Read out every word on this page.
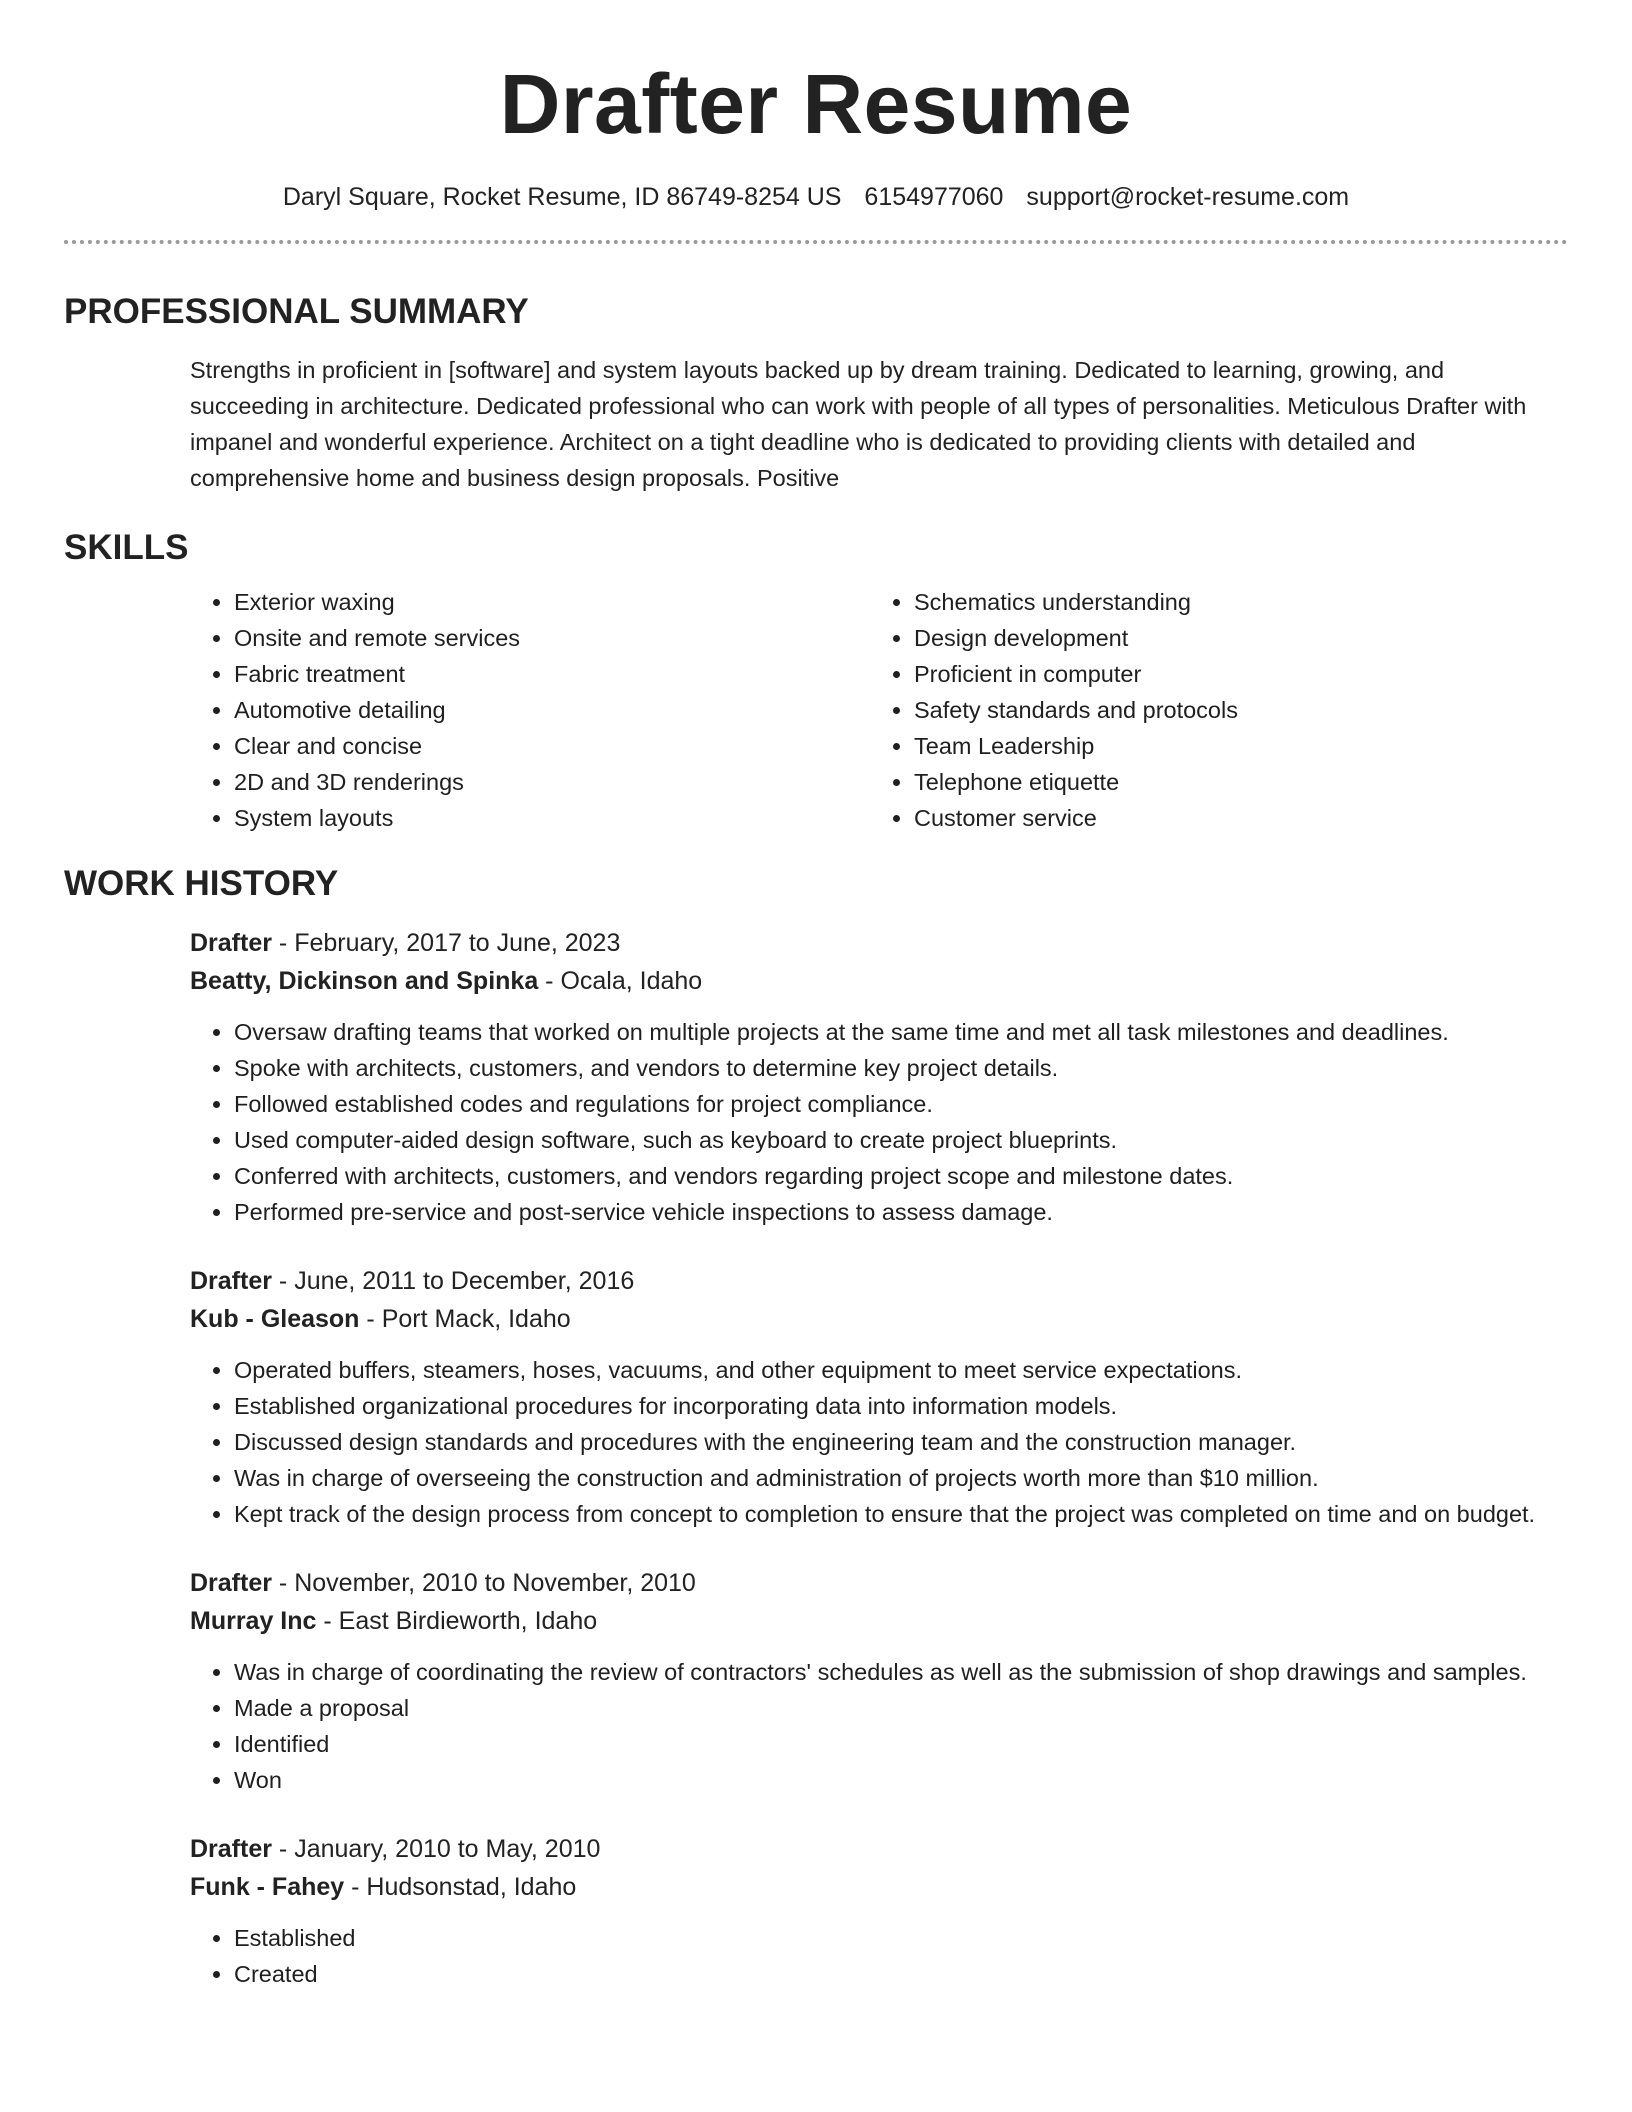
Drafter Resume
Daryl Square, Rocket Resume, ID 86749-8254 US 6154977060 support@rocket-resume.com
PROFESSIONAL SUMMARY

Strengths in proficient in [software] and system layouts backed up by dream training. Dedicated to learning, growing, and succeeding in architecture. Dedicated professional who can work with people of all types of personalities. Meticulous Drafter with impanel and wonderful experience. Architect on a tight deadline who is dedicated to providing clients with detailed and comprehensive home and business design proposals. Positive

SKILLS
• Exterior waxing
• Onsite and remote services
• Fabric treatment
• Automotive detailing
• Clear and concise
• 2D and 3D renderings
• System layouts
• Schematics understanding
• Design development
• Proficient in computer
• Safety standards and protocols
• Team Leadership
• Telephone etiquette
• Customer service
WORK HISTORY
Drafter - February, 2017 to June, 2023
Beatty, Dickinson and Spinka - Ocala, Idaho
• Oversaw drafting teams that worked on multiple projects at the same time and met all task milestones and deadlines.
• Spoke with architects, customers, and vendors to determine key project details.
• Followed established codes and regulations for project compliance.
• Used computer-aided design software, such as keyboard to create project blueprints.
• Conferred with architects, customers, and vendors regarding project scope and milestone dates.
• Performed pre-service and post-service vehicle inspections to assess damage.
Drafter - June, 2011 to December, 2016
Kub - Gleason - Port Mack, Idaho
• Operated buffers, steamers, hoses, vacuums, and other equipment to meet service expectations.
• Established organizational procedures for incorporating data into information models.
• Discussed design standards and procedures with the engineering team and the construction manager.
• Was in charge of overseeing the construction and administration of projects worth more than $10 million.
• Kept track of the design process from concept to completion to ensure that the project was completed on time and on budget.
Drafter - November, 2010 to November, 2010
Murray Inc - East Birdieworth, Idaho
• Was in charge of coordinating the review of contractors' schedules as well as the submission of shop drawings and samples.
• Made a proposal
• Identified
• Won
Drafter - January, 2010 to May, 2010
Funk - Fahey - Hudsonstad, Idaho
• Established
• Created
